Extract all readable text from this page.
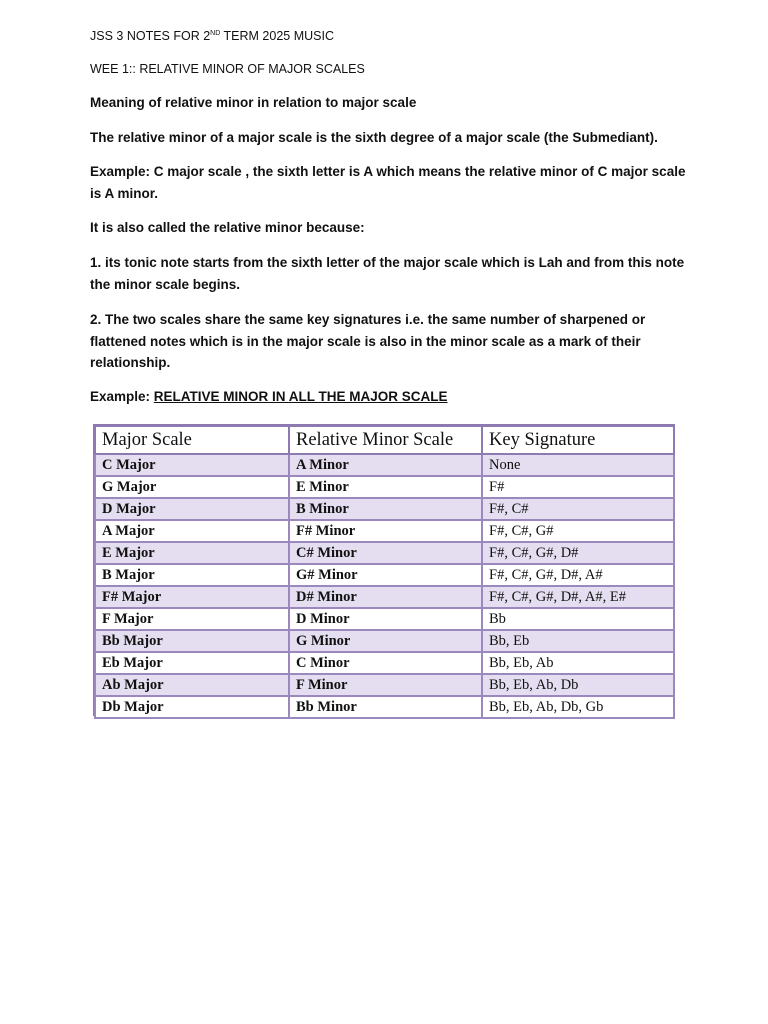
JSS 3 NOTES FOR 2ND TERM 2025 MUSIC
WEE 1:: RELATIVE MINOR OF MAJOR SCALES
Meaning of relative minor in relation to major scale
The relative minor of a major scale is the sixth degree of a major scale (the Submediant).
Example: C major scale , the sixth letter is A which means the relative minor of C major scale is A minor.
It is also called the relative minor because:
1. its tonic note starts from the sixth letter of the major scale which is Lah and from this note the minor scale begins.
2. The two scales share the same key signatures i.e. the same number of sharpened or flattened notes which is in the major scale is also in the minor scale as a mark of their relationship.
Example: RELATIVE MINOR IN ALL THE MAJOR SCALE
Major Scale	Relative Minor Scale	Key Signature
C Major	A Minor	None
G Major	E Minor	F#
D Major	B Minor	F#, C#
A Major	F# Minor	F#, C#, G#
E Major	C# Minor	F#, C#, G#, D#
B Major	G# Minor	F#, C#, G#, D#, A#
F# Major	D# Minor	F#, C#, G#, D#, A#, E#
F Major	D Minor	Bb
Bb Major	G Minor	Bb, Eb
Eb Major	C Minor	Bb, Eb, Ab
Ab Major	F Minor	Bb, Eb, Ab, Db
Db Major	Bb Minor	Bb, Eb, Ab, Db, Gb
